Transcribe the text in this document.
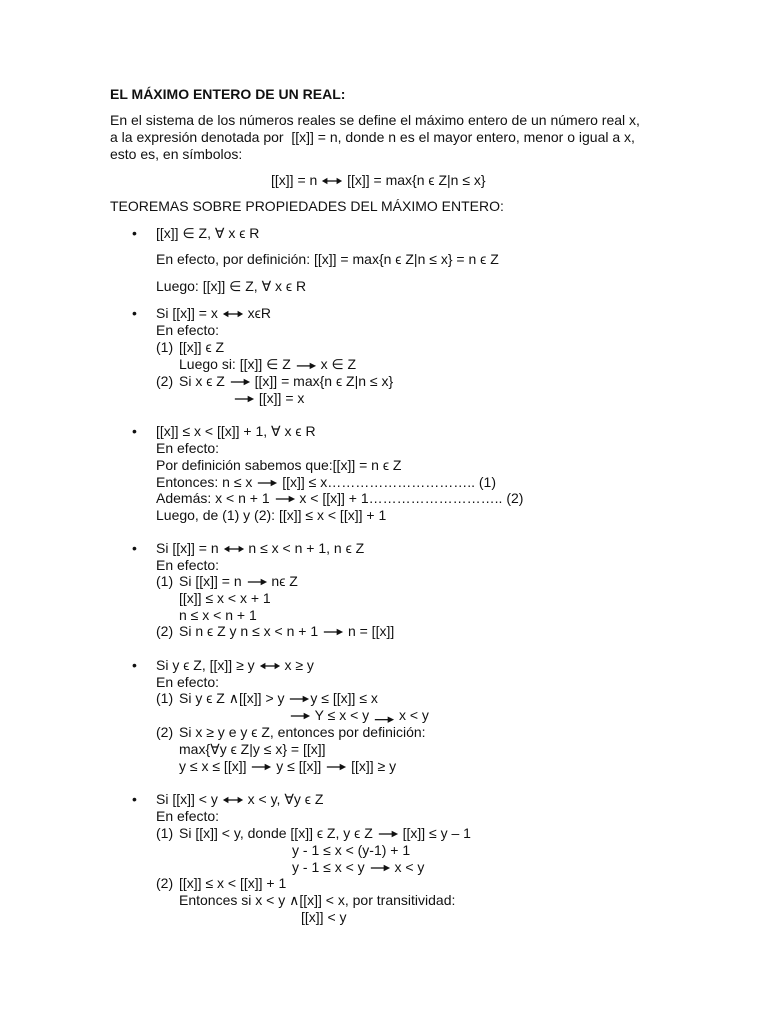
EL MÁXIMO ENTERO DE UN REAL:
En el sistema de los números reales se define el máximo entero de un número real x,
a la expresión denotada por  [[x]] = n, donde n es el mayor entero, menor o igual a x,
esto es, en símbolos:
[[x]] = n [[x]] = max{n ϵ Z|n ≤ x}
TEOREMAS SOBRE PROPIEDADES DEL MÁXIMO ENTERO:
• [[x]] ∈ Z, ∀ x ϵ R
En efecto, por definición: [[x]] = max{n ϵ Z|n ≤ x} = n ϵ Z
Luego: [[x]] ∈ Z, ∀ x ϵ R
• Si [[x]] = x xϵR
En efecto:
(1) [[x]] ϵ Z
Luego si: [[x]] ∈ Z x ∈ Z
(2) Si x ϵ Z [[x]] = max{n ϵ Z|n ≤ x}
[[x]] = x
• [[x]] ≤ x < [[x]] + 1, ∀ x ϵ R
En efecto:
Por definición sabemos que:[[x]] = n ϵ Z
Entonces: n ≤ x [[x]] ≤ x………………………….. (1)
Además: x < n + 1 x < [[x]] + 1……………………….. (2)
Luego, de (1) y (2): [[x]] ≤ x < [[x]] + 1
• Si [[x]] = n n ≤ x < n + 1, n ϵ Z
En efecto:
(1) Si [[x]] = n nϵ Z
[[x]] ≤ x < x + 1
n ≤ x < n + 1
(2) Si n ϵ Z y n ≤ x < n + 1 n = [[x]]
• Si y ϵ Z, [[x]] ≥ y x ≥ y
En efecto:
(1) Si y ϵ Z ∧[[x]] > y y ≤ [[x]] ≤ x
Y ≤ x < y x < y
(2) Si x ≥ y e y ϵ Z, entonces por definición:
max{∀y ϵ Z|y ≤ x} = [[x]]
y ≤ x ≤ [[x]] y ≤ [[x]] [[x]] ≥ y
• Si [[x]] < y x < y, ∀y ϵ Z
En efecto:
(1) Si [[x]] < y, donde [[x]] ϵ Z, y ϵ Z [[x]] ≤ y – 1
y - 1 ≤ x < (y-1) + 1
y - 1 ≤ x < y x < y
(2) [[x]] ≤ x < [[x]] + 1
Entonces si x < y ∧[[x]] < x, por transitividad:
[[x]] < y
